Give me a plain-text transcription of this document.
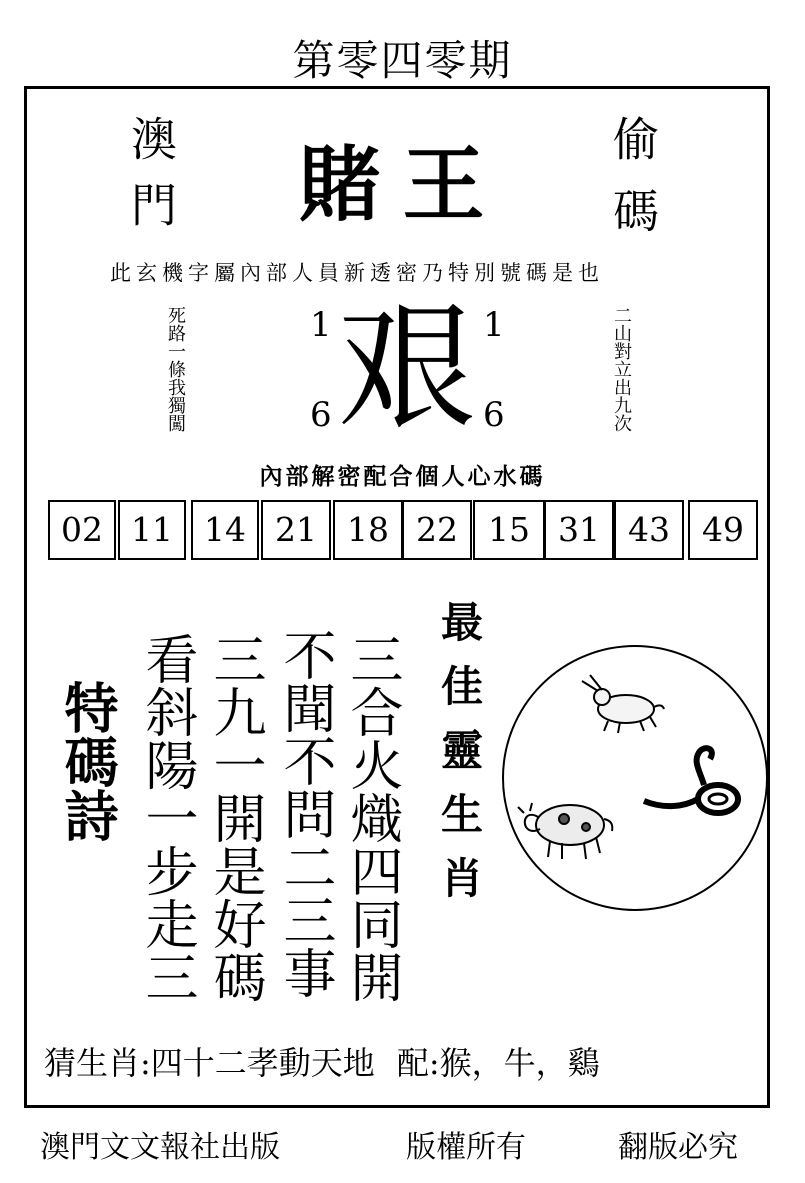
第零四零期
澳門	賭王	偷碼
此玄機字屬內部人員新透密乃特別號碼是也
死路一條我獨闖	二山對立出九次
1
6 艰 1
6
內部解密配合個人心水碼
02 11 14 21 18 22 15 31 43 49
特碼詩 看斜陽一步走三 三九一開是好碼 不聞不問二三事 三合火熾四同開 最佳靈生肖
猜生肖:四十二孝動天地 配:猴，牛，鷄
澳門文文報社出版	版權所有	翻版必究
